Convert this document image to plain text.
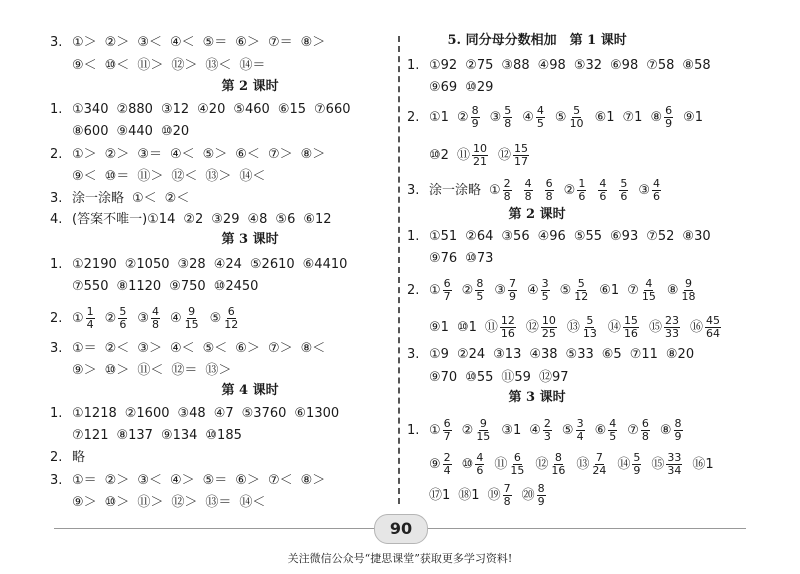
3. ①＞ ②＞ ③＜ ④＜ ⑤＝ ⑥＞ ⑦＝ ⑧＞
⑨＜ ⑩＜ ⑪＞ ⑫＞ ⑬＜ ⑭＝
第 2 课时
1. ①340 ②880 ③12 ④20 ⑤460 ⑥15 ⑦660
⑧600 ⑨440 ⑩20
2. ①＞ ②＞ ③＝ ④＜ ⑤＞ ⑥＜ ⑦＞ ⑧＞
⑨＜ ⑩＝ ⑪＞ ⑫＜ ⑬＞ ⑭＜
3. 涂一涂略 ①＜ ②＜
4. (答案不唯一)①14 ②2 ③29 ④8 ⑤6 ⑥12
第 3 课时
1. ①2190 ②1050 ③28 ④24 ⑤2610 ⑥4410
⑦550 ⑧1120 ⑨750 ⑩2450
2. ① $\frac{1}{4}$ ② $\frac{5}{6}$ ③ $\frac{4}{8}$ ④ $\frac{9}{15}$ ⑤ $\frac{6}{12}$
3. ①＝ ②＜ ③＞ ④＜ ⑤＜ ⑥＞ ⑦＞ ⑧＜
⑨＞ ⑩＞ ⑪＜ ⑫＝ ⑬＞
第 4 课时
1. ①1218 ②1600 ③48 ④7 ⑤3760 ⑥1300
⑦121 ⑧137 ⑨134 ⑩185
2. 略
3. ①＝ ②＞ ③＜ ④＞ ⑤＝ ⑥＞ ⑦＜ ⑧＞
⑨＞ ⑩＞ ⑪＞ ⑫＞ ⑬＝ ⑭＜
5. 同分母分数相加　第 1 课时
1. ①92 ②75 ③88 ④98 ⑤32 ⑥98 ⑦58 ⑧58
⑨69 ⑩29
2. ①1 ② $\frac{8}{9}$ ③ $\frac{5}{8}$ ④ $\frac{4}{5}$ ⑤ $\frac{5}{10}$ ⑥1 ⑦1 ⑧ $\frac{6}{9}$ ⑨1
⑩2 ⑪ $\frac{10}{21}$ ⑫ $\frac{15}{17}$
3. 涂一涂略 ① $\frac{2}{8} \frac{4}{8} \frac{6}{8}$ ② $\frac{1}{6} \frac{4}{6} \frac{5}{6}$ ③ $\frac{4}{6}$
第 2 课时
1. ①51 ②64 ③56 ④96 ⑤55 ⑥93 ⑦52 ⑧30
⑨76 ⑩73
2. ① $\frac{6}{7}$ ② $\frac{8}{5}$ ③ $\frac{7}{9}$ ④ $\frac{3}{5}$ ⑤ $\frac{5}{12}$ ⑥1 ⑦ $\frac{4}{15}$ ⑧ $\frac{9}{18}$
⑨1 ⑩1 ⑪ $\frac{12}{16}$ ⑫ $\frac{10}{25}$ ⑬ $\frac{5}{13}$ ⑭ $\frac{15}{16}$ ⑮ $\frac{23}{33}$ ⑯ $\frac{45}{64}$
3. ①9 ②24 ③13 ④38 ⑤33 ⑥5 ⑦11 ⑧20
⑨70 ⑩55 ⑪59 ⑫97
第 3 课时
1. ① $\frac{6}{7}$ ② $\frac{9}{15}$ ③1 ④ $\frac{2}{3}$ ⑤ $\frac{3}{4}$ ⑥ $\frac{4}{5}$ ⑦ $\frac{6}{8}$ ⑧ $\frac{8}{9}$
⑨ $\frac{2}{4}$ ⑩ $\frac{4}{6}$ ⑪ $\frac{6}{15}$ ⑫ $\frac{8}{16}$ ⑬ $\frac{7}{24}$ ⑭ $\frac{5}{9}$ ⑮ $\frac{33}{34}$ ⑯1
⑰1 ⑱1 ⑲ $\frac{7}{8}$ ⑳ $\frac{8}{9}$
90
关注微信公众号“捷思课堂”获取更多学习资料!
